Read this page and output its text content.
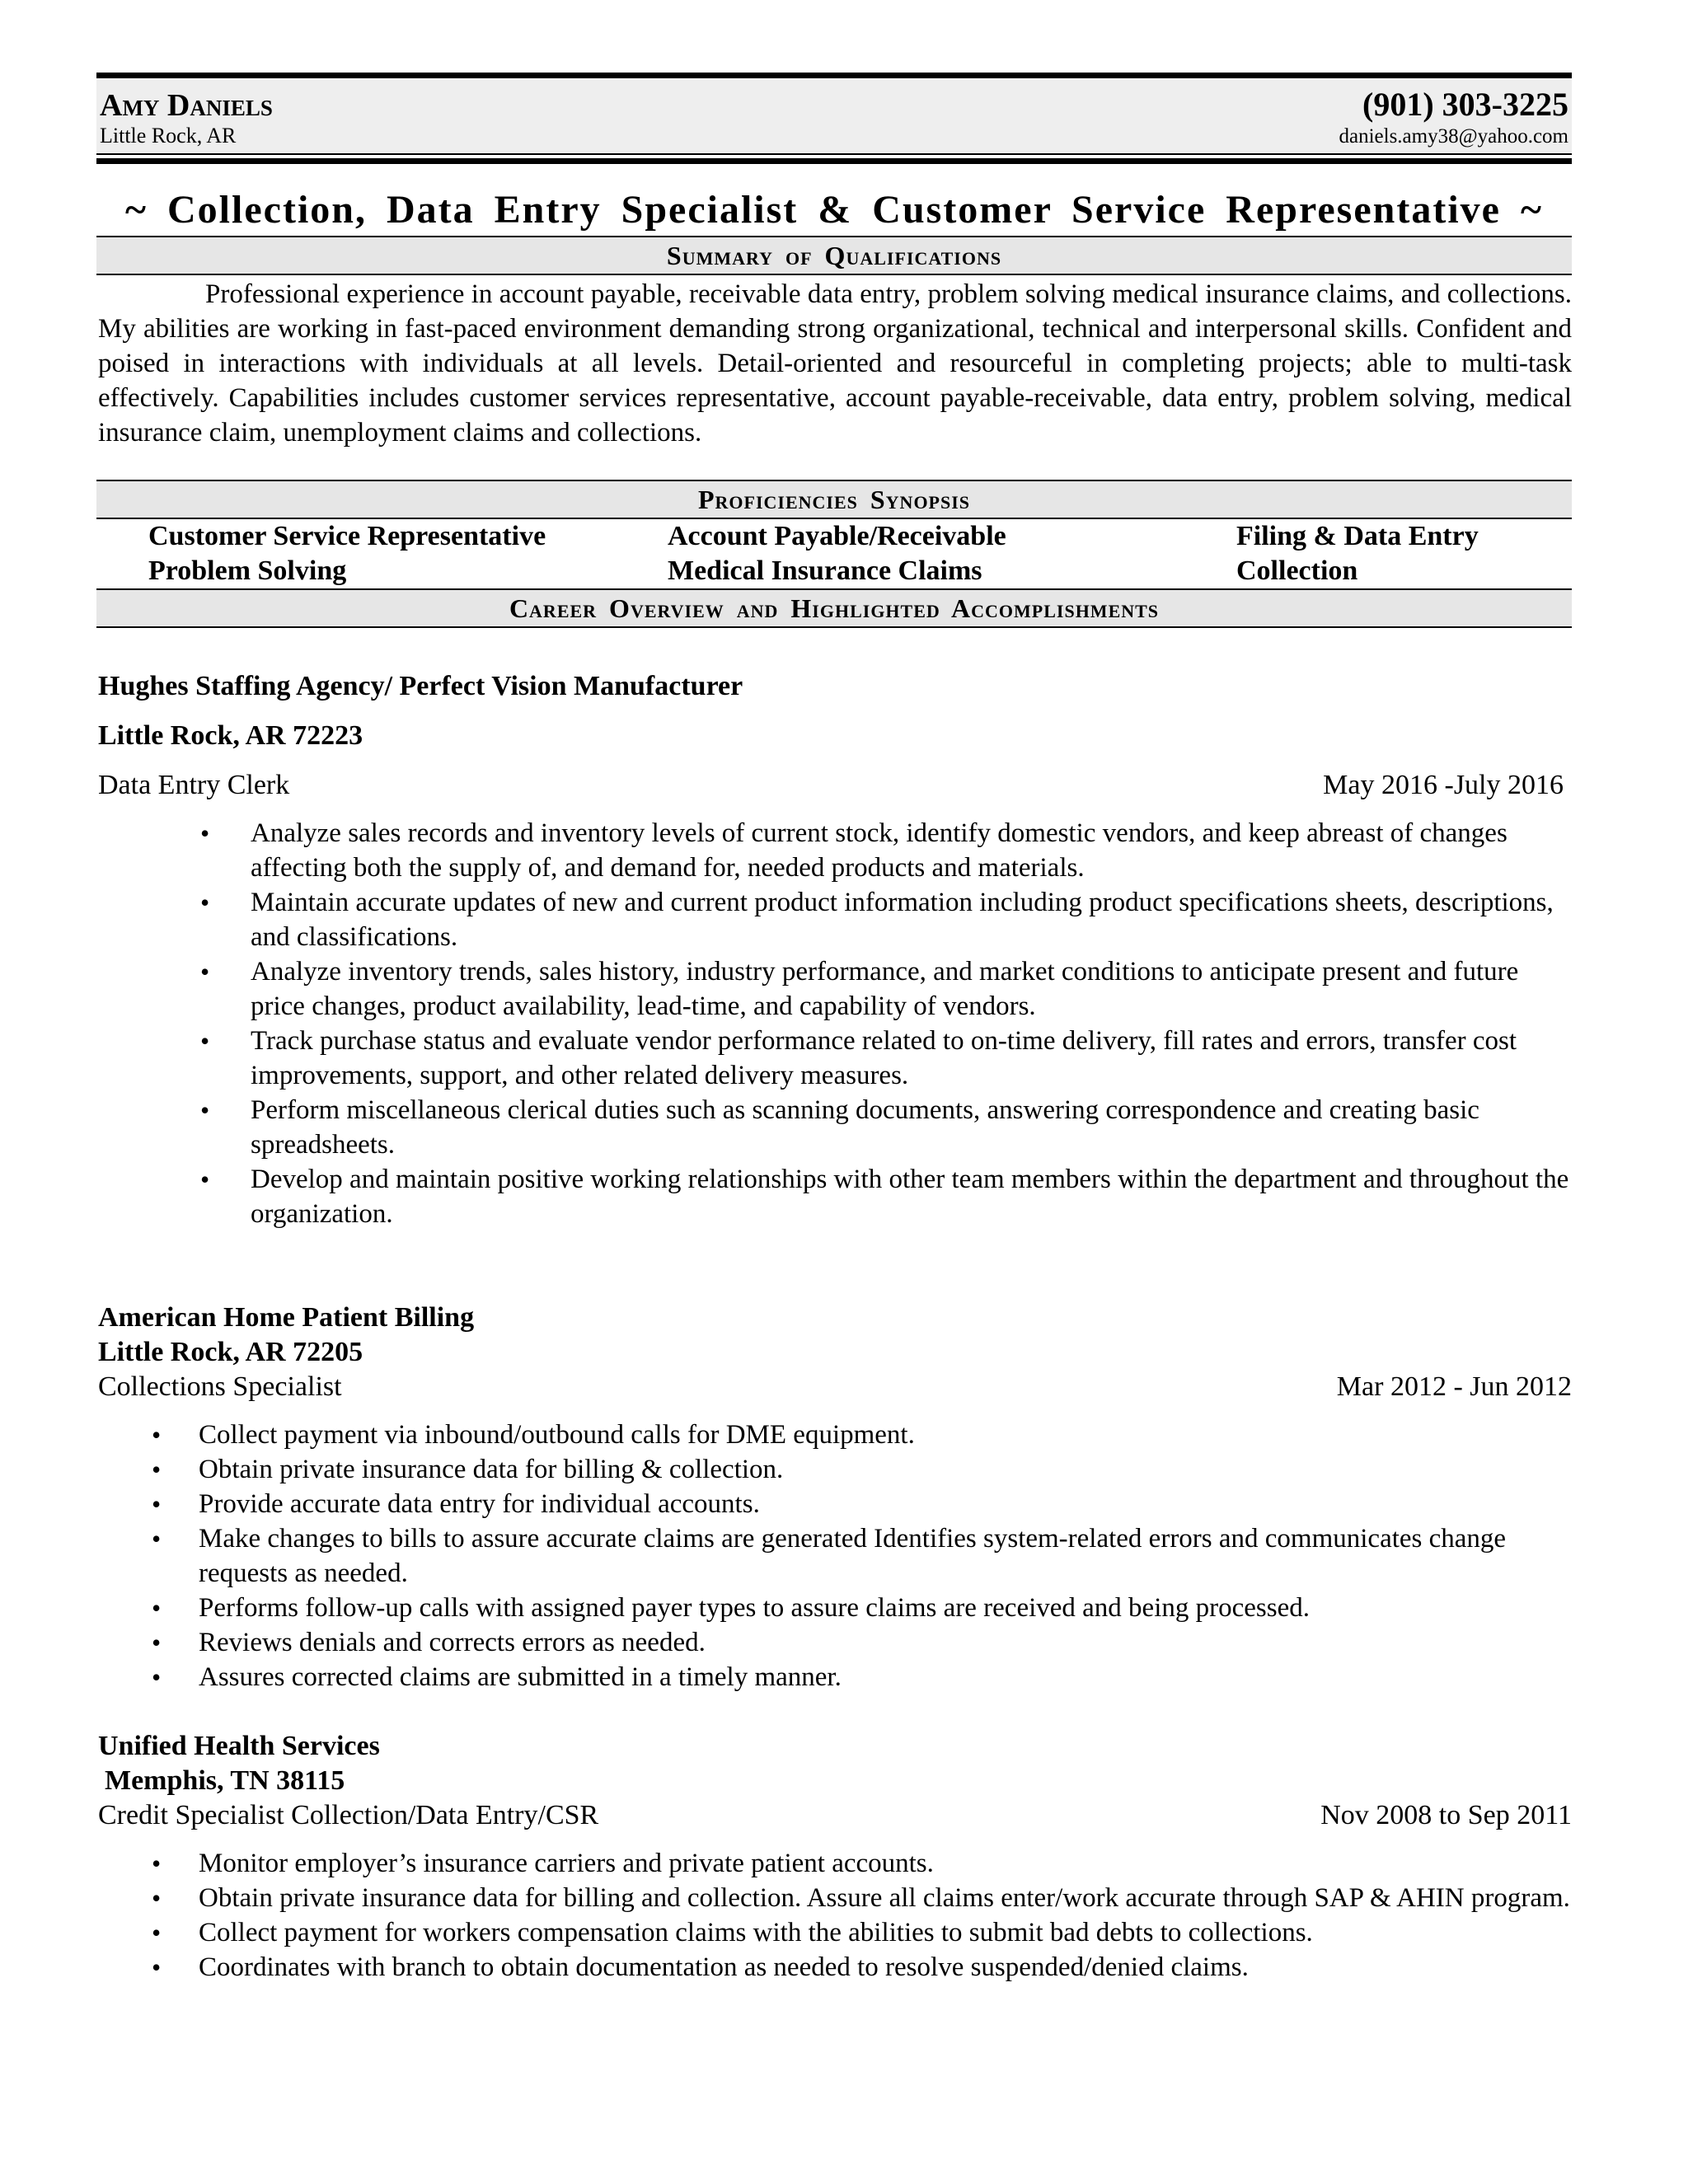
Amy Daniels	(901) 303-3225
Little Rock, AR	daniels.amy38@yahoo.com
~ Collection, Data Entry Specialist & Customer Service Representative ~
Summary of Qualifications
Professional experience in account payable, receivable data entry, problem solving medical insurance claims, and collections. My abilities are working in fast-paced environment demanding strong organizational, technical and interpersonal skills. Confident and poised in interactions with individuals at all levels. Detail-oriented and resourceful in completing projects; able to multi-task effectively. Capabilities includes customer services representative, account payable-receivable, data entry, problem solving, medical insurance claim, unemployment claims and collections.
Proficiencies Synopsis
Customer Service Representative	Account Payable/Receivable	Filing & Data Entry
Problem Solving	Medical Insurance Claims	Collection
Career Overview and Highlighted Accomplishments
Hughes Staffing Agency/ Perfect Vision Manufacturer
Little Rock, AR 72223
Data Entry Clerk	May 2016 -July 2016
• Analyze sales records and inventory levels of current stock, identify domestic vendors, and keep abreast of changes affecting both the supply of, and demand for, needed products and materials.
• Maintain accurate updates of new and current product information including product specifications sheets, descriptions, and classifications.
• Analyze inventory trends, sales history, industry performance, and market conditions to anticipate present and future price changes, product availability, lead-time, and capability of vendors.
• Track purchase status and evaluate vendor performance related to on-time delivery, fill rates and errors, transfer cost improvements, support, and other related delivery measures.
• Perform miscellaneous clerical duties such as scanning documents, answering correspondence and creating basic spreadsheets.
• Develop and maintain positive working relationships with other team members within the department and throughout the organization.
American Home Patient Billing
Little Rock, AR 72205
Collections Specialist	Mar 2012 - Jun 2012
• Collect payment via inbound/outbound calls for DME equipment.
• Obtain private insurance data for billing & collection.
• Provide accurate data entry for individual accounts.
• Make changes to bills to assure accurate claims are generated Identifies system-related errors and communicates change requests as needed.
• Performs follow-up calls with assigned payer types to assure claims are received and being processed.
• Reviews denials and corrects errors as needed.
• Assures corrected claims are submitted in a timely manner.
Unified Health Services
Memphis, TN 38115
Credit Specialist Collection/Data Entry/CSR	Nov 2008 to Sep 2011
• Monitor employer’s insurance carriers and private patient accounts.
• Obtain private insurance data for billing and collection. Assure all claims enter/work accurate through SAP & AHIN program.
• Collect payment for workers compensation claims with the abilities to submit bad debts to collections.
• Coordinates with branch to obtain documentation as needed to resolve suspended/denied claims.
